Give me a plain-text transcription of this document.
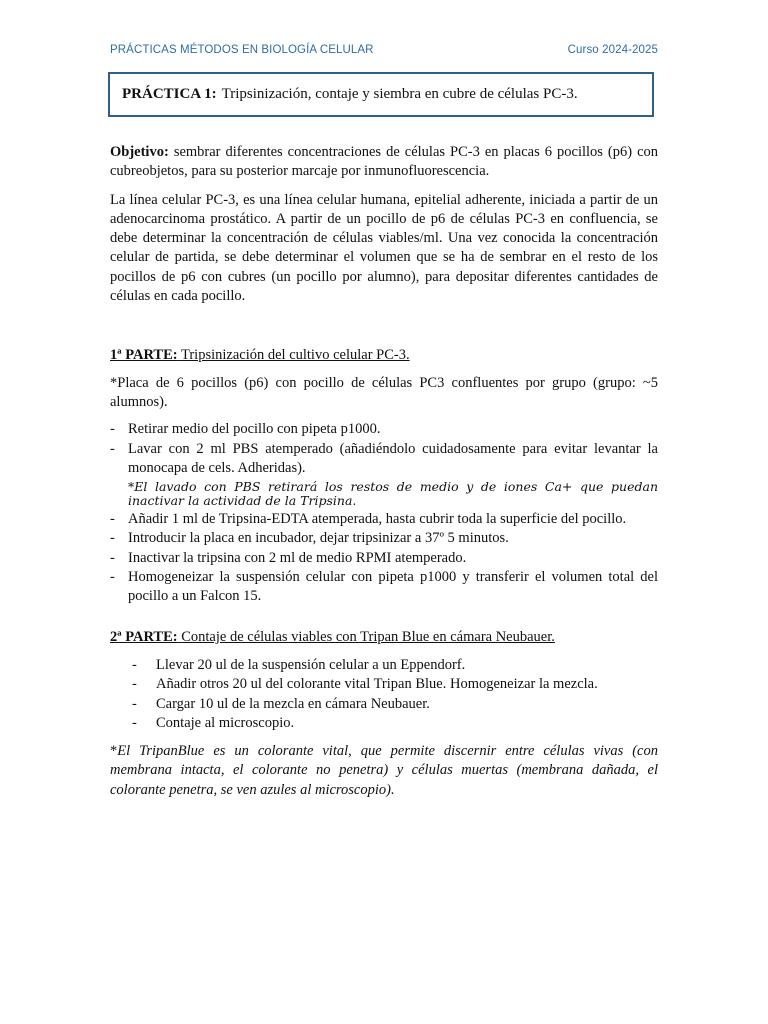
PRÁCTICAS MÉTODOS EN BIOLOGÍA CELULAR	Curso 2024-2025
PRÁCTICA 1: Tripsinización, contaje y siembra en cubre de células PC-3.

Objetivo: sembrar diferentes concentraciones de células PC-3 en placas 6 pocillos (p6) con cubreobjetos, para su posterior marcaje por inmunofluorescencia.

La línea celular PC-3, es una línea celular humana, epitelial adherente, iniciada a partir de un adenocarcinoma prostático. A partir de un pocillo de p6 de células PC-3 en confluencia, se debe determinar la concentración de células viables/ml. Una vez conocida la concentración celular de partida, se debe determinar el volumen que se ha de sembrar en el resto de los pocillos de p6 con cubres (un pocillo por alumno), para depositar diferentes cantidades de células en cada pocillo.

1ª PARTE: Tripsinización del cultivo celular PC-3.

*Placa de 6 pocillos (p6) con pocillo de células PC3 confluentes por grupo (grupo: ~5 alumnos).

- Retirar medio del pocillo con pipeta p1000.
- Lavar con 2 ml PBS atemperado (añadiéndolo cuidadosamente para evitar levantar la monocapa de cels. Adheridas).

*El lavado con PBS retirará los restos de medio y de iones Ca+ que puedan inactivar la actividad de la Tripsina.

- Añadir 1 ml de Tripsina-EDTA atemperada, hasta cubrir toda la superficie del pocillo.
- Introducir la placa en incubador, dejar tripsinizar a 37º 5 minutos.
- Inactivar la tripsina con 2 ml de medio RPMI atemperado.
- Homogeneizar la suspensión celular con pipeta p1000 y transferir el volumen total del pocillo a un Falcon 15.

2ª PARTE: Contaje de células viables con Tripan Blue en cámara Neubauer.

- Llevar 20 ul de la suspensión celular a un Eppendorf.
- Añadir otros 20 ul del colorante vital Tripan Blue. Homogeneizar la mezcla.
- Cargar 10 ul de la mezcla en cámara Neubauer.
- Contaje al microscopio.

*El TripanBlue es un colorante vital, que permite discernir entre células vivas (con membrana intacta, el colorante no penetra) y células muertas (membrana dañada, el colorante penetra, se ven azules al microscopio).
